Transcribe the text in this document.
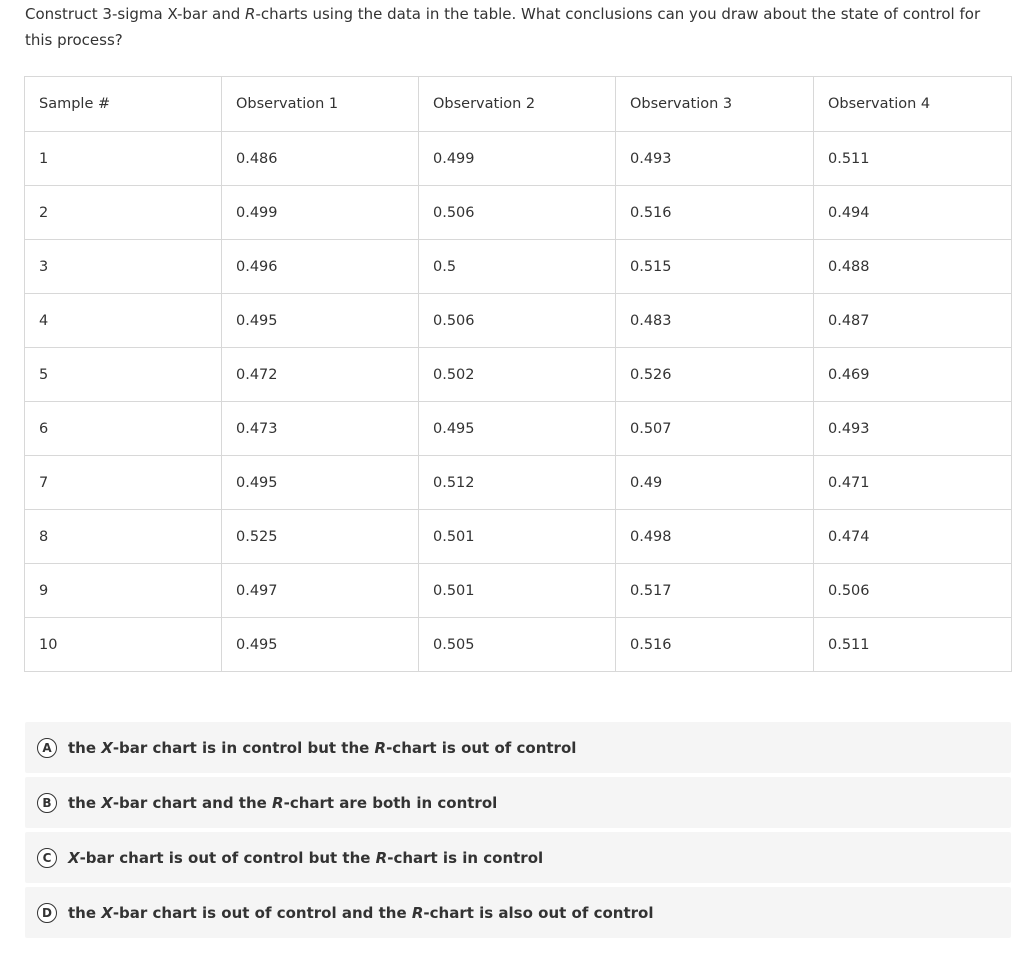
Construct 3-sigma X-bar and R-charts using the data in the table. What conclusions can you draw about the state of control for this process?

Sample #	Observation 1	Observation 2	Observation 3	Observation 4
1	0.486	0.499	0.493	0.511
2	0.499	0.506	0.516	0.494
3	0.496	0.5	0.515	0.488
4	0.495	0.506	0.483	0.487
5	0.472	0.502	0.526	0.469
6	0.473	0.495	0.507	0.493
7	0.495	0.512	0.49	0.471
8	0.525	0.501	0.498	0.474
9	0.497	0.501	0.517	0.506
10	0.495	0.505	0.516	0.511
A	the X-bar chart is in control but the R-chart is out of control
B	the X-bar chart and the R-chart are both in control
C	X-bar chart is out of control but the R-chart is in control
D	the X-bar chart is out of control and the R-chart is also out of control
